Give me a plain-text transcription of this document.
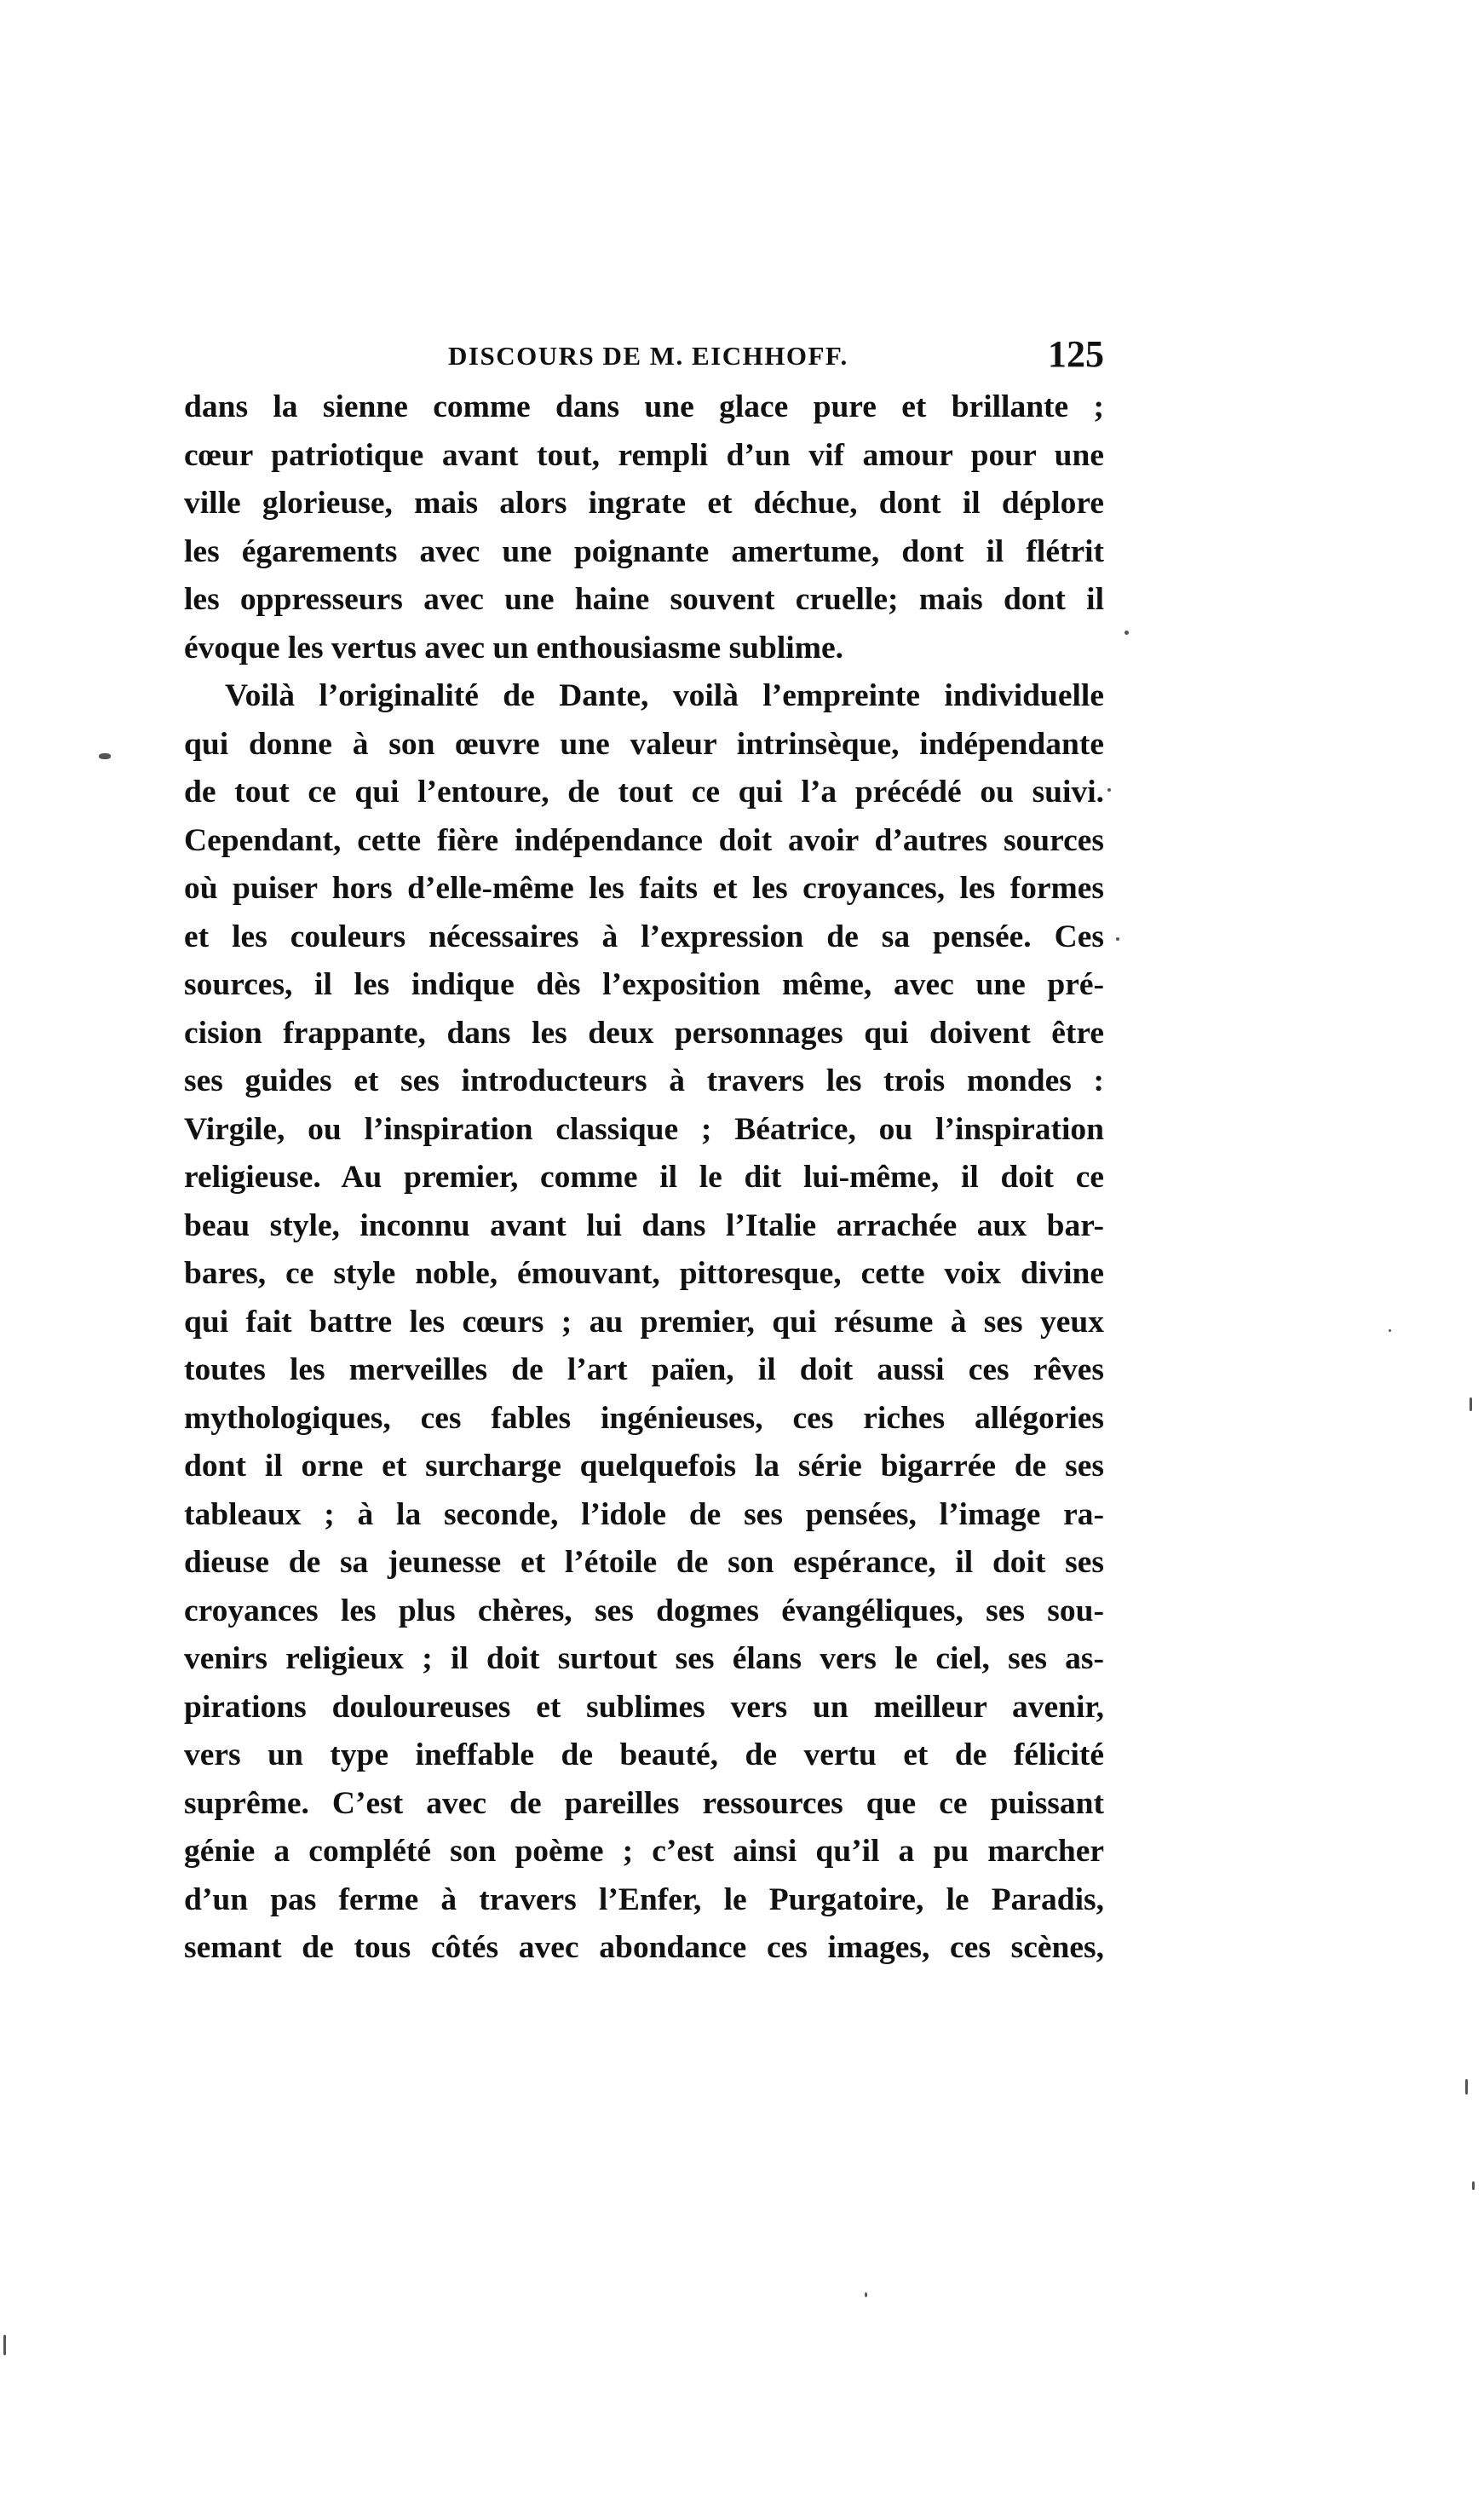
DISCOURS DE M. EICHHOFF.	125
dans la sienne comme dans une glace pure et brillante ;
cœur patriotique avant tout, rempli d’un vif amour pour une
ville glorieuse, mais alors ingrate et déchue, dont il déplore
les égarements avec une poignante amertume, dont il flétrit
les oppresseurs avec une haine souvent cruelle; mais dont il
évoque les vertus avec un enthousiasme sublime.
Voilà l’originalité de Dante, voilà l’empreinte individuelle
qui donne à son œuvre une valeur intrinsèque, indépendante
de tout ce qui l’entoure, de tout ce qui l’a précédé ou suivi.
Cependant, cette fière indépendance doit avoir d’autres sources
où puiser hors d’elle-même les faits et les croyances, les formes
et les couleurs nécessaires à l’expression de sa pensée. Ces
sources, il les indique dès l’exposition même, avec une pré-
cision frappante, dans les deux personnages qui doivent être
ses guides et ses introducteurs à travers les trois mondes :
Virgile, ou l’inspiration classique ; Béatrice, ou l’inspiration
religieuse. Au premier, comme il le dit lui-même, il doit ce
beau style, inconnu avant lui dans l’Italie arrachée aux bar-
bares, ce style noble, émouvant, pittoresque, cette voix divine
qui fait battre les cœurs ; au premier, qui résume à ses yeux
toutes les merveilles de l’art païen, il doit aussi ces rêves
mythologiques, ces fables ingénieuses, ces riches allégories
dont il orne et surcharge quelquefois la série bigarrée de ses
tableaux ; à la seconde, l’idole de ses pensées, l’image ra-
dieuse de sa jeunesse et l’étoile de son espérance, il doit ses
croyances les plus chères, ses dogmes évangéliques, ses sou-
venirs religieux ; il doit surtout ses élans vers le ciel, ses as-
pirations douloureuses et sublimes vers un meilleur avenir,
vers un type ineffable de beauté, de vertu et de félicité
suprême. C’est avec de pareilles ressources que ce puissant
génie a complété son poème ; c’est ainsi qu’il a pu marcher
d’un pas ferme à travers l’Enfer, le Purgatoire, le Paradis,
semant de tous côtés avec abondance ces images, ces scènes,
